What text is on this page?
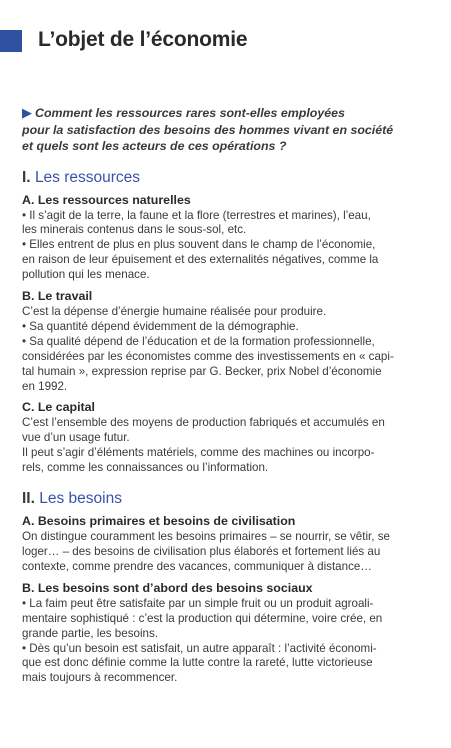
L’objet de l’économie
▶ Comment les ressources rares sont-elles employées
pour la satisfaction des besoins des hommes vivant en société
et quels sont les acteurs de ces opérations ?
I. Les ressources
A. Les ressources naturelles
• Il s’agit de la terre, la faune et la flore (terrestres et marines), l’eau,
les minerais contenus dans le sous-sol, etc.
• Elles entrent de plus en plus souvent dans le champ de l’économie,
en raison de leur épuisement et des externalités négatives, comme la
pollution qui les menace.
B. Le travail
C’est la dépense d’énergie humaine réalisée pour produire.
• Sa quantité dépend évidemment de la démographie.
• Sa qualité dépend de l’éducation et de la formation professionnelle,
considérées par les économistes comme des investissements en « capi-
tal humain », expression reprise par G. Becker, prix Nobel d’économie
en 1992.
C. Le capital
C’est l’ensemble des moyens de production fabriqués et accumulés en
vue d’un usage futur.
Il peut s’agir d’éléments matériels, comme des machines ou incorpo-
rels, comme les connaissances ou l’information.
II. Les besoins
A. Besoins primaires et besoins de civilisation
On distingue couramment les besoins primaires – se nourrir, se vêtir, se
loger… – des besoins de civilisation plus élaborés et fortement liés au
contexte, comme prendre des vacances, communiquer à distance…
B. Les besoins sont d’abord des besoins sociaux
• La faim peut être satisfaite par un simple fruit ou un produit agroali-
mentaire sophistiqué : c’est la production qui détermine, voire crée, en
grande partie, les besoins.
• Dès qu’un besoin est satisfait, un autre apparaît : l’activité économi-
que est donc définie comme la lutte contre la rareté, lutte victorieuse
mais toujours à recommencer.
